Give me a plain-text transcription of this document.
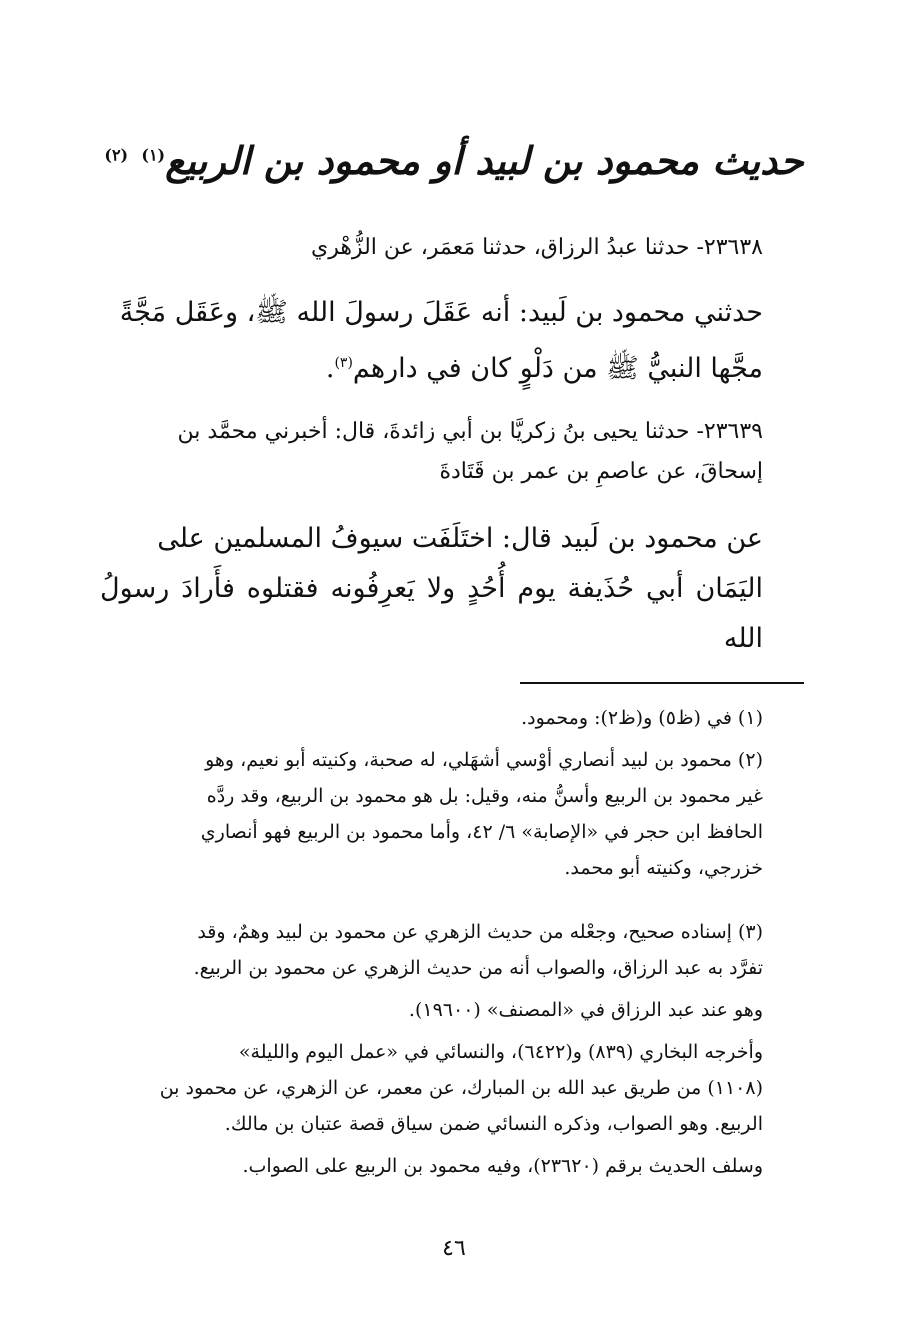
حديث محمود بن لبيد أو محمود بن الربيع$^{(١)}$ $^{(٢)}$
٢٣٦٣٨- حدثنا عبدُ الرزاق، حدثنا مَعمَر، عن الزُّهْري
حدثني محمود بن لَبيد: أنه عَقَلَ رسولَ الله ﷺ، وعَقَل مَجَّةً
مجَّها النبيُّ ﷺ من دَلْوٍ كان في دارهم$^{(٣)}$.
٢٣٦٣٩- حدثنا يحيى بنُ زكريَّا بن أبي زائدةَ، قال: أخبرني محمَّد بن
إسحاقَ، عن عاصمِ بن عمر بن قَتَادةَ
عن محمود بن لَبيد قال: اختَلَفَت سيوفُ المسلمين على
اليَمَان أبي حُذَيفة يوم أُحُدٍ ولا يَعرِفُونه فقتلوه فأَرادَ رسولُ الله
(١) في (ظ٥) و(ظ٢): ومحمود.
(٢) محمود بن لبيد أنصاري أوْسي أشهَلي، له صحبة، وكنيته أبو نعيم، وهو
غير محمود بن الربيع وأسنُّ منه، وقيل: بل هو محمود بن الربيع، وقد ردَّه
الحافظ ابن حجر في «الإصابة» ٦/ ٤٢، وأما محمود بن الربيع فهو أنصاري
خزرجي، وكنيته أبو محمد.
(٣) إسناده صحيح، وجعْله من حديث الزهري عن محمود بن لبيد وهمٌ، وقد
تفرَّد به عبد الرزاق، والصواب أنه من حديث الزهري عن محمود بن الربيع.
وهو عند عبد الرزاق في «المصنف» (١٩٦٠٠).
وأخرجه البخاري (٨٣٩) و(٦٤٢٢)، والنسائي في «عمل اليوم والليلة»
(١١٠٨) من طريق عبد الله بن المبارك، عن معمر، عن الزهري، عن محمود بن
الربيع. وهو الصواب، وذكره النسائي ضمن سياق قصة عتبان بن مالك.
وسلف الحديث برقم (٢٣٦٢٠)، وفيه محمود بن الربيع على الصواب.
٤٦
